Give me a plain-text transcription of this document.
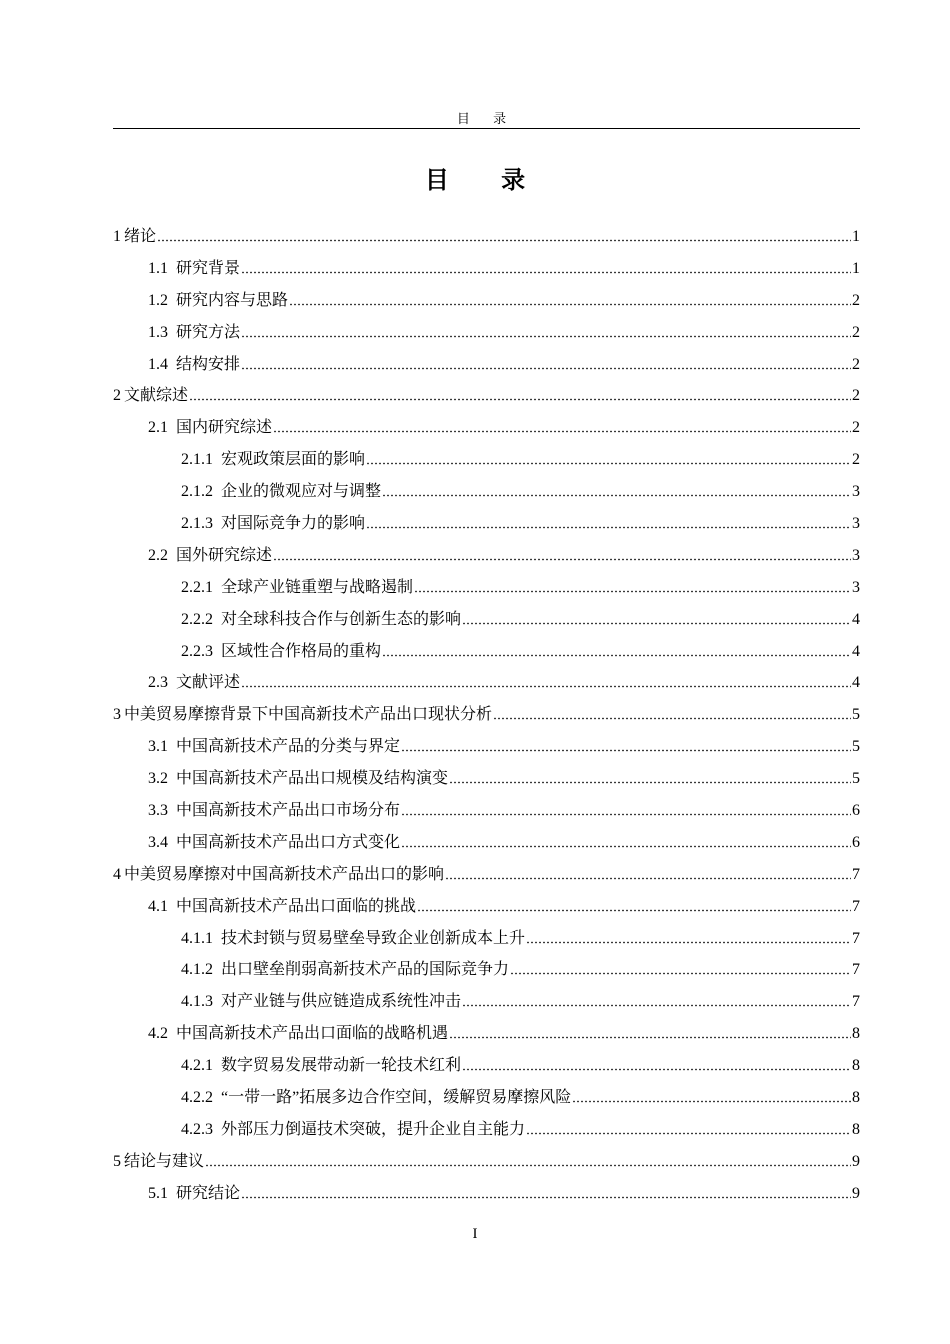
目 录
目 录
1 绪论	1
1.1 研究背景	1
1.2 研究内容与思路	2
1.3 研究方法	2
1.4 结构安排	2
2 文献综述	2
2.1 国内研究综述	2
2.1.1 宏观政策层面的影响	2
2.1.2 企业的微观应对与调整	3
2.1.3 对国际竞争力的影响	3
2.2 国外研究综述	3
2.2.1 全球产业链重塑与战略遏制	3
2.2.2 对全球科技合作与创新生态的影响	4
2.2.3 区域性合作格局的重构	4
2.3 文献评述	4
3 中美贸易摩擦背景下中国高新技术产品出口现状分析	5
3.1 中国高新技术产品的分类与界定	5
3.2 中国高新技术产品出口规模及结构演变	5
3.3 中国高新技术产品出口市场分布	6
3.4 中国高新技术产品出口方式变化	6
4 中美贸易摩擦对中国高新技术产品出口的影响	7
4.1 中国高新技术产品出口面临的挑战	7
4.1.1 技术封锁与贸易壁垒导致企业创新成本上升	7
4.1.2 出口壁垒削弱高新技术产品的国际竞争力	7
4.1.3 对产业链与供应链造成系统性冲击	7
4.2 中国高新技术产品出口面临的战略机遇	8
4.2.1 数字贸易发展带动新一轮技术红利	8
4.2.2 “一带一路”拓展多边合作空间，缓解贸易摩擦风险	8
4.2.3 外部压力倒逼技术突破，提升企业自主能力	8
5 结论与建议	9
5.1 研究结论	9
I
